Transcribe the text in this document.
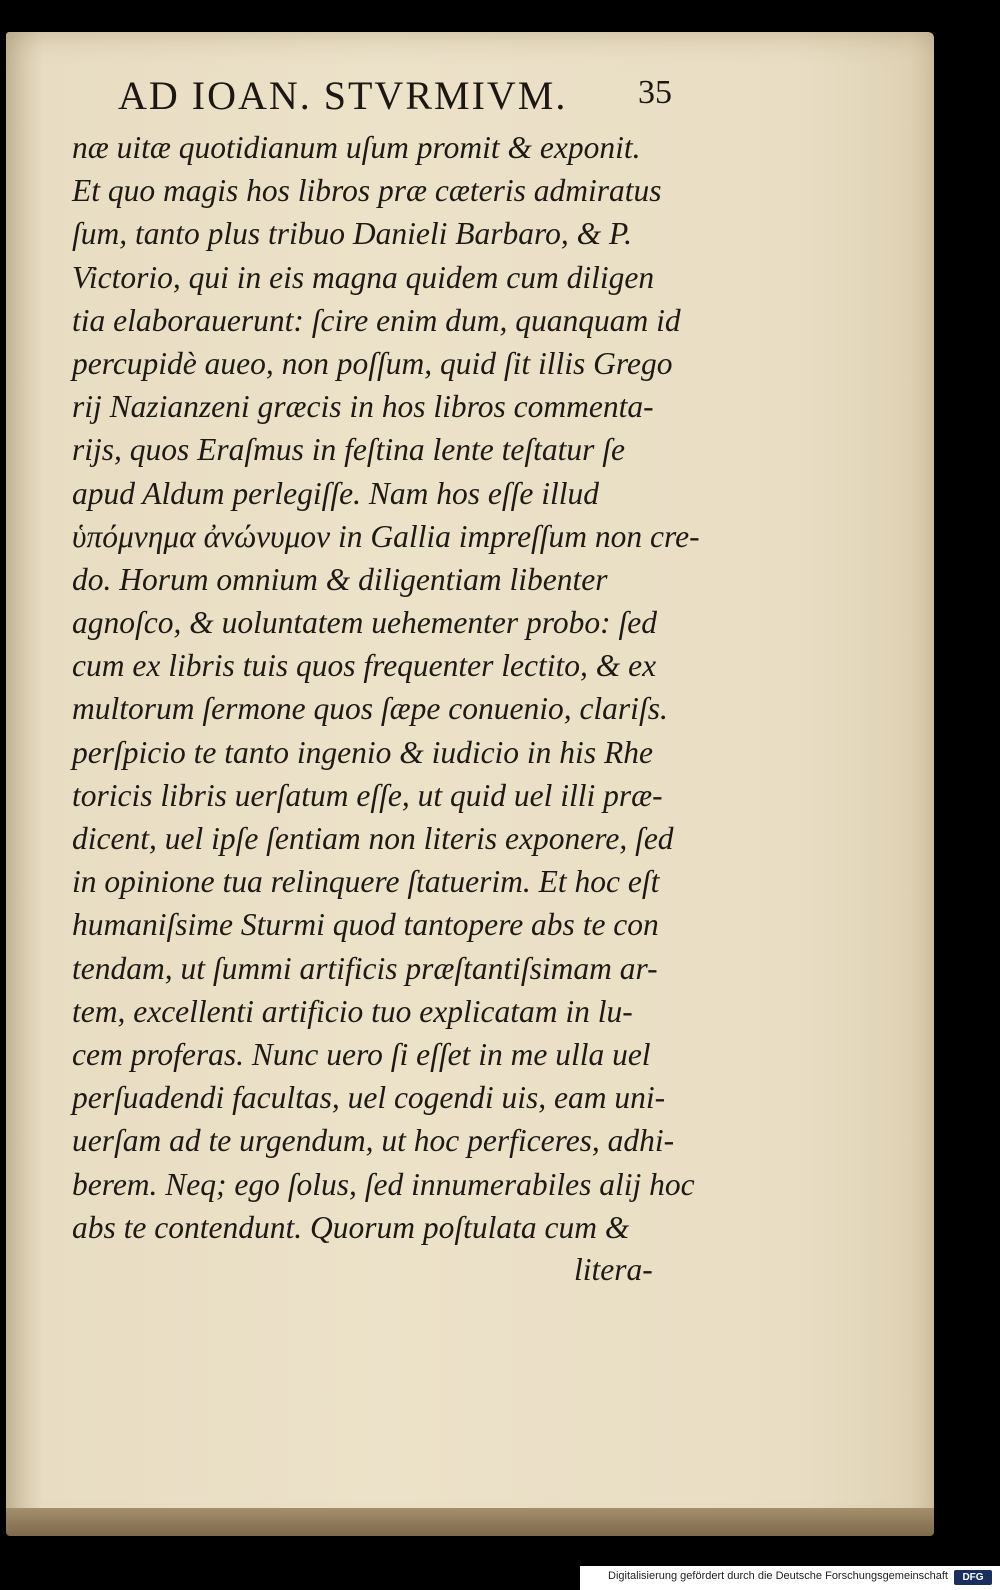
AD IOAN. STVRMIVM. 35
næ uitæ quotidianum uſum promit & exponit.
Et quo magis hos libros præ cæteris admiratus
ſum, tanto plus tribuo Danieli Barbaro, & P.
Victorio, qui in eis magna quidem cum diligen
tia elaborauerunt: ſcire enim dum, quanquam id
percupidè aueo, non poſſum, quid ſit illis Grego
rij Nazianzeni græcis in hos libros commenta-
rijs, quos Eraſmus in feſtina lente teſtatur ſe
apud Aldum perlegiſſe. Nam hos eſſe illud
ὑπόμνημα ἀνώνυμον in Gallia impreſſum non cre-
do. Horum omnium & diligentiam libenter
agnoſco, & uoluntatem uehementer probo: ſed
cum ex libris tuis quos frequenter lectito, & ex
multorum ſermone quos ſæpe conuenio, clariſs.
perſpicio te tanto ingenio & iudicio in his Rhe
toricis libris uerſatum eſſe, ut quid uel illi præ-
dicent, uel ipſe ſentiam non literis exponere, ſed
in opinione tua relinquere ſtatuerim. Et hoc eſt
humaniſsime Sturmi quod tantopere abs te con
tendam, ut ſummi artificis præſtantiſsimam ar-
tem, excellenti artificio tuo explicatam in lu-
cem proferas. Nunc uero ſi eſſet in me ulla uel
perſuadendi facultas, uel cogendi uis, eam uni-
uerſam ad te urgendum, ut hoc perficeres, adhi-
berem. Neq; ego ſolus, ſed innumerabiles alij hoc
abs te contendunt. Quorum poſtulata cum &
litera-
Digitalisierung gefördert durch die Deutsche Forschungsgemeinschaft	DFG
